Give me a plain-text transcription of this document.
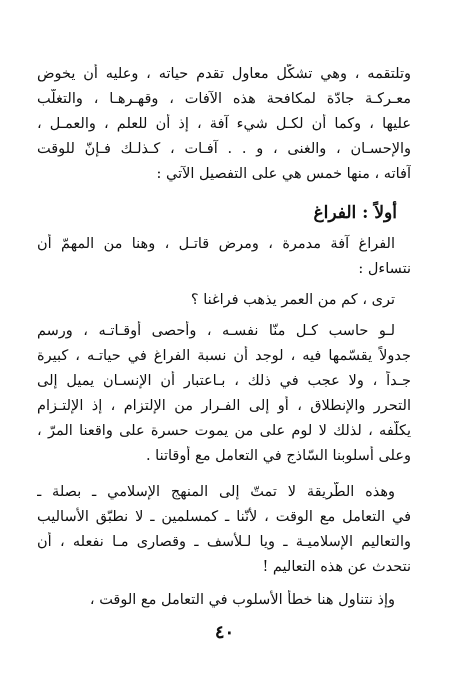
وتلتقمه ، وهي تشكّل معاول تقدم حياته ، وعليه أن يخوض
معـركـة جادّة لمكافحة هذه الآفات ، وقهـرهـا ، والتغلّب
عليها ، وكما أن لكـل شيء آفة ، إذ أن للعلم ، والعمـل ،
والإحسـان ، والغنى ، و . . آفـات ، كـذلـك فـإنّ للوقت
آفاته ، منها خمس هي على التفصيل الآتي :
أولاً : الفراغ
الفراغ آفة مدمرة ، ومرض قاتـل ، وهنا من المهمّ أن
نتساءل :
ترى ، كم من العمر يذهب فراغنا ؟
لـو حاسب كـل منّا نفسـه ، وأحصى أوقـاتـه ، ورسم
جدولاً يقسّمها فيه ، لوجد أن نسبة الفراغ في حياتـه ، كبيرة
جـداً ، ولا عجب في ذلك ، بـاعتبار أن الإنسـان يميل إلى
التحرر والإنطلاق ، أو إلى الفـرار من الإلتزام ، إذ الإلتـزام
يكلّفه ، لذلك لا لوم على من يموت حسرة على واقعنا المرّ ،
وعلى أسلوبنا السّاذج في التعامل مع أوقاتنا .
وهذه الطّريقة لا تمتّ إلى المنهج الإسلامي ـ بصلة ـ
في التعامل مع الوقت ، لأنّنا ـ كمسلمين ـ لا نطبّق الأساليب
والتعاليم الإسلاميـة ـ ويا لـلأسف ـ وقصارى مـا نفعله ، أن
نتحدث عن هذه التعاليم !
وإذ نتناول هنا خطأ الأسلوب في التعامل مع الوقت ،
٤٠
